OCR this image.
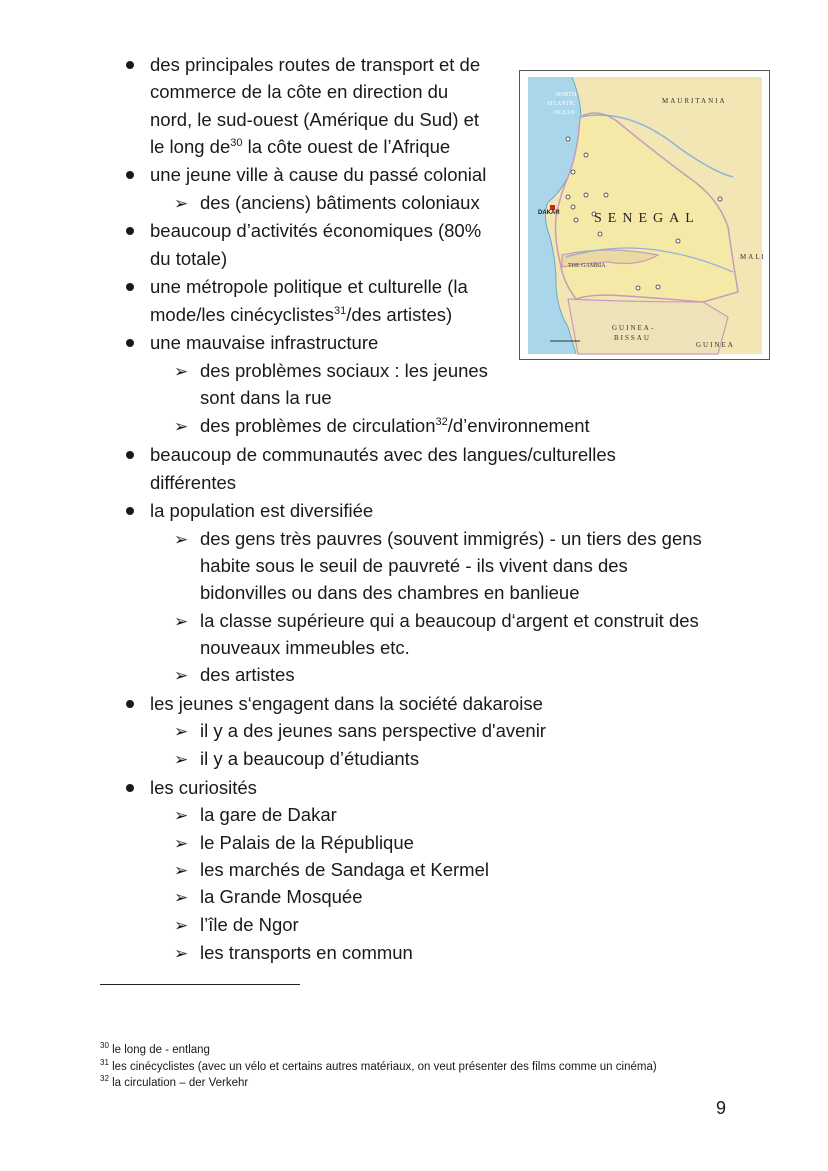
➢
➢
➢
➢
➢
➢
➢
➢
➢
➢
➢
➢
➢
➢
des principales routes de transport et de
commerce de la côte en direction du
nord, le sud-ouest (Amérique du Sud) et
le long $de^{30}$ la côte ouest de l’Afrique
une jeune ville à cause du passé colonial
des (anciens) bâtiments coloniaux
beaucoup d’activités économiques (80%
du totale)
une métropole politique et culturelle (la
mode/les cinécyclistes$^{31}$/des artistes)
une mauvaise infrastructure
des problèmes sociaux : les jeunes
sont dans la rue
des problèmes de circulation$^{32}$/d’environnement
beaucoup de communautés avec des langues/culturelles
différentes
la population est diversifiée
des gens très pauvres (souvent immigrés) - un tiers des gens
habite sous le seuil de pauvreté - ils vivent dans des
bidonvilles ou dans des chambres en banlieue
la classe supérieure qui a beaucoup d‘argent et construit des
nouveaux immeubles etc.
des artistes
les jeunes s‘engagent dans la société dakaroise
il y a des jeunes sans perspective d'avenir
il y a beaucoup d’étudiants
les curiosités
la gare de Dakar
le Palais de la République
les marchés de Sandaga et Kermel
la Grande Mosquée
l’île de Ngor
les transports en commun
NORTH
ATLANTIC
OCEAN
MAURITANIA
SENEGAL
MALI
THE GAMBIA
GUINEA-
BISSAU
GUINEA
DAKAR
$^{30}$ le long de - entlang
$^{31}$ les cinécyclistes (avec un vélo et certains autres matériaux, on veut présenter des films comme un cinéma)
$^{32}$ la circulation – der Verkehr
9
